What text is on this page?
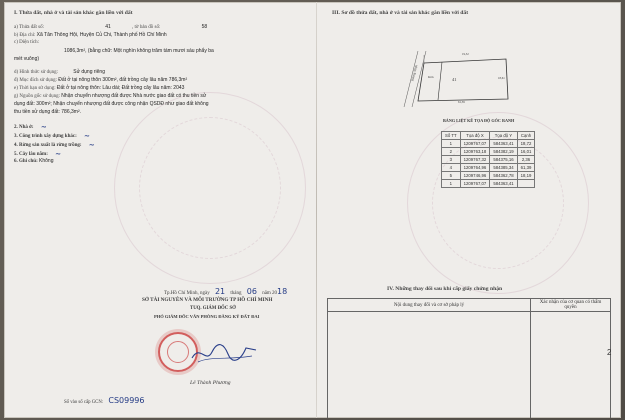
I. Thửa đất, nhà ở và tài sản khác gắn liền với đất
a) Thửa đất số:	41	, tờ bản đồ số:	58
b) Địa chỉ: Xã Tân Thông Hội, Huyện Củ Chi, Thành phố Hồ Chí Minh
c) Diện tích:
1086,3m², (bằng chữ: Một nghìn không trăm tám mươi sáu phẩy ba
mét vuông)
d) Hình thức sử dụng:	Sử dụng riêng
đ) Mục đích sử dụng: Đất ở tại nông thôn 300m², đất trồng cây lâu năm 786,3m²
e) Thời hạn sử dụng: Đất ở tại nông thôn: Lâu dài; Đất trồng cây lâu năm: 2043
g) Nguồn gốc sử dụng: Nhận chuyển nhượng đất được Nhà nước giao đất có thu tiền sử
dụng đất: 300m²; Nhận chuyển nhượng đất được công nhận QSDĐ như giao đất không
thu tiền sử dụng đất: 786,3m².
2. Nhà ở: ~
3. Công trình xây dựng khác: ~
4. Rừng sản xuất là rừng trồng: ~
5. Cây lâu năm: ~
6. Ghi chú: Không
Tp.Hồ Chí Minh, ngày 21 tháng 06 năm 2018
SỞ TÀI NGUYÊN VÀ MÔI TRƯỜNG TP HỒ CHÍ MINH
TUQ. GIÁM ĐỐC SỞ
PHÓ GIÁM ĐỐC VĂN PHÒNG ĐĂNG KÝ ĐẤT ĐAI
Lê Thành Phương
Số vào sổ cấp GCN: CS09996
III. Sơ đồ thửa đất, nhà ở và tài sản khác gắn liền với đất
41
Đường Nhựa	Kôn
19,52
61,39
18,61
BẢNG LIỆT KÊ TỌA ĐỘ GÓC RANH
Số TT	Tọa độ X	Tọa độ Y	Cạnh
1	1209767,07	584363,41	18,72
2	1209763,18	584382,19	16,01
3	1209767,32	584375,16	2,36
4	1209764,96	584385,34	61,39
5	1209746,96	584362,78	18,19
1	1209767,07	584363,41	
IV. Những thay đổi sau khi cấp giấy chứng nhận
Nội dung thay đổi và cơ sở pháp lý	Xác nhận của cơ quan có thẩm quyền

2
